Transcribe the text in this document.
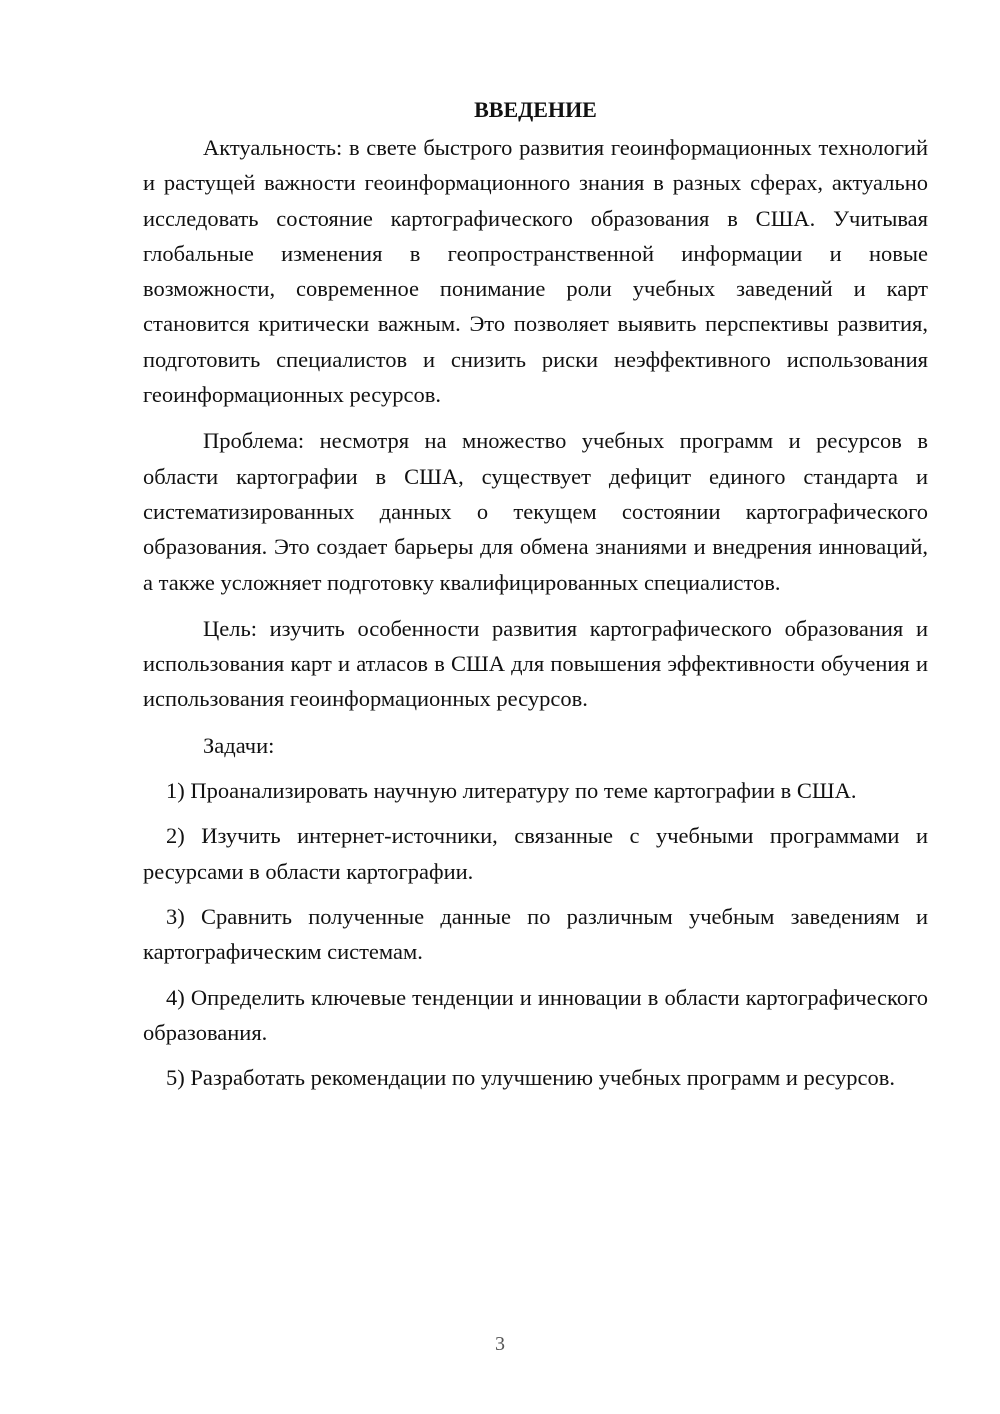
ВВЕДЕНИЕ

Актуальность: в свете быстрого развития геоинформационных технологий и растущей важности геоинформационного знания в разных сферах, актуально исследовать состояние картографического образования в США. Учитывая глобальные изменения в геопространственной информации и новые возможности, современное понимание роли учебных заведений и карт становится критически важным. Это позволяет выявить перспективы развития, подготовить специалистов и снизить риски неэффективного использования геоинформационных ресурсов.

Проблема: несмотря на множество учебных программ и ресурсов в области картографии в США, существует дефицит единого стандарта и систематизированных данных о текущем состоянии картографического образования. Это создает барьеры для обмена знаниями и внедрения инноваций, а также усложняет подготовку квалифицированных специалистов.

Цель: изучить особенности развития картографического образования и использования карт и атласов в США для повышения эффективности обучения и использования геоинформационных ресурсов.

Задачи:

1) Проанализировать научную литературу по теме картографии в США.

2) Изучить интернет-источники, связанные с учебными программами и ресурсами в области картографии.

3) Сравнить полученные данные по различным учебным заведениям и картографическим системам.

4) Определить ключевые тенденции и инновации в области картографического образования.

5) Разработать рекомендации по улучшению учебных программ и ресурсов.

3
